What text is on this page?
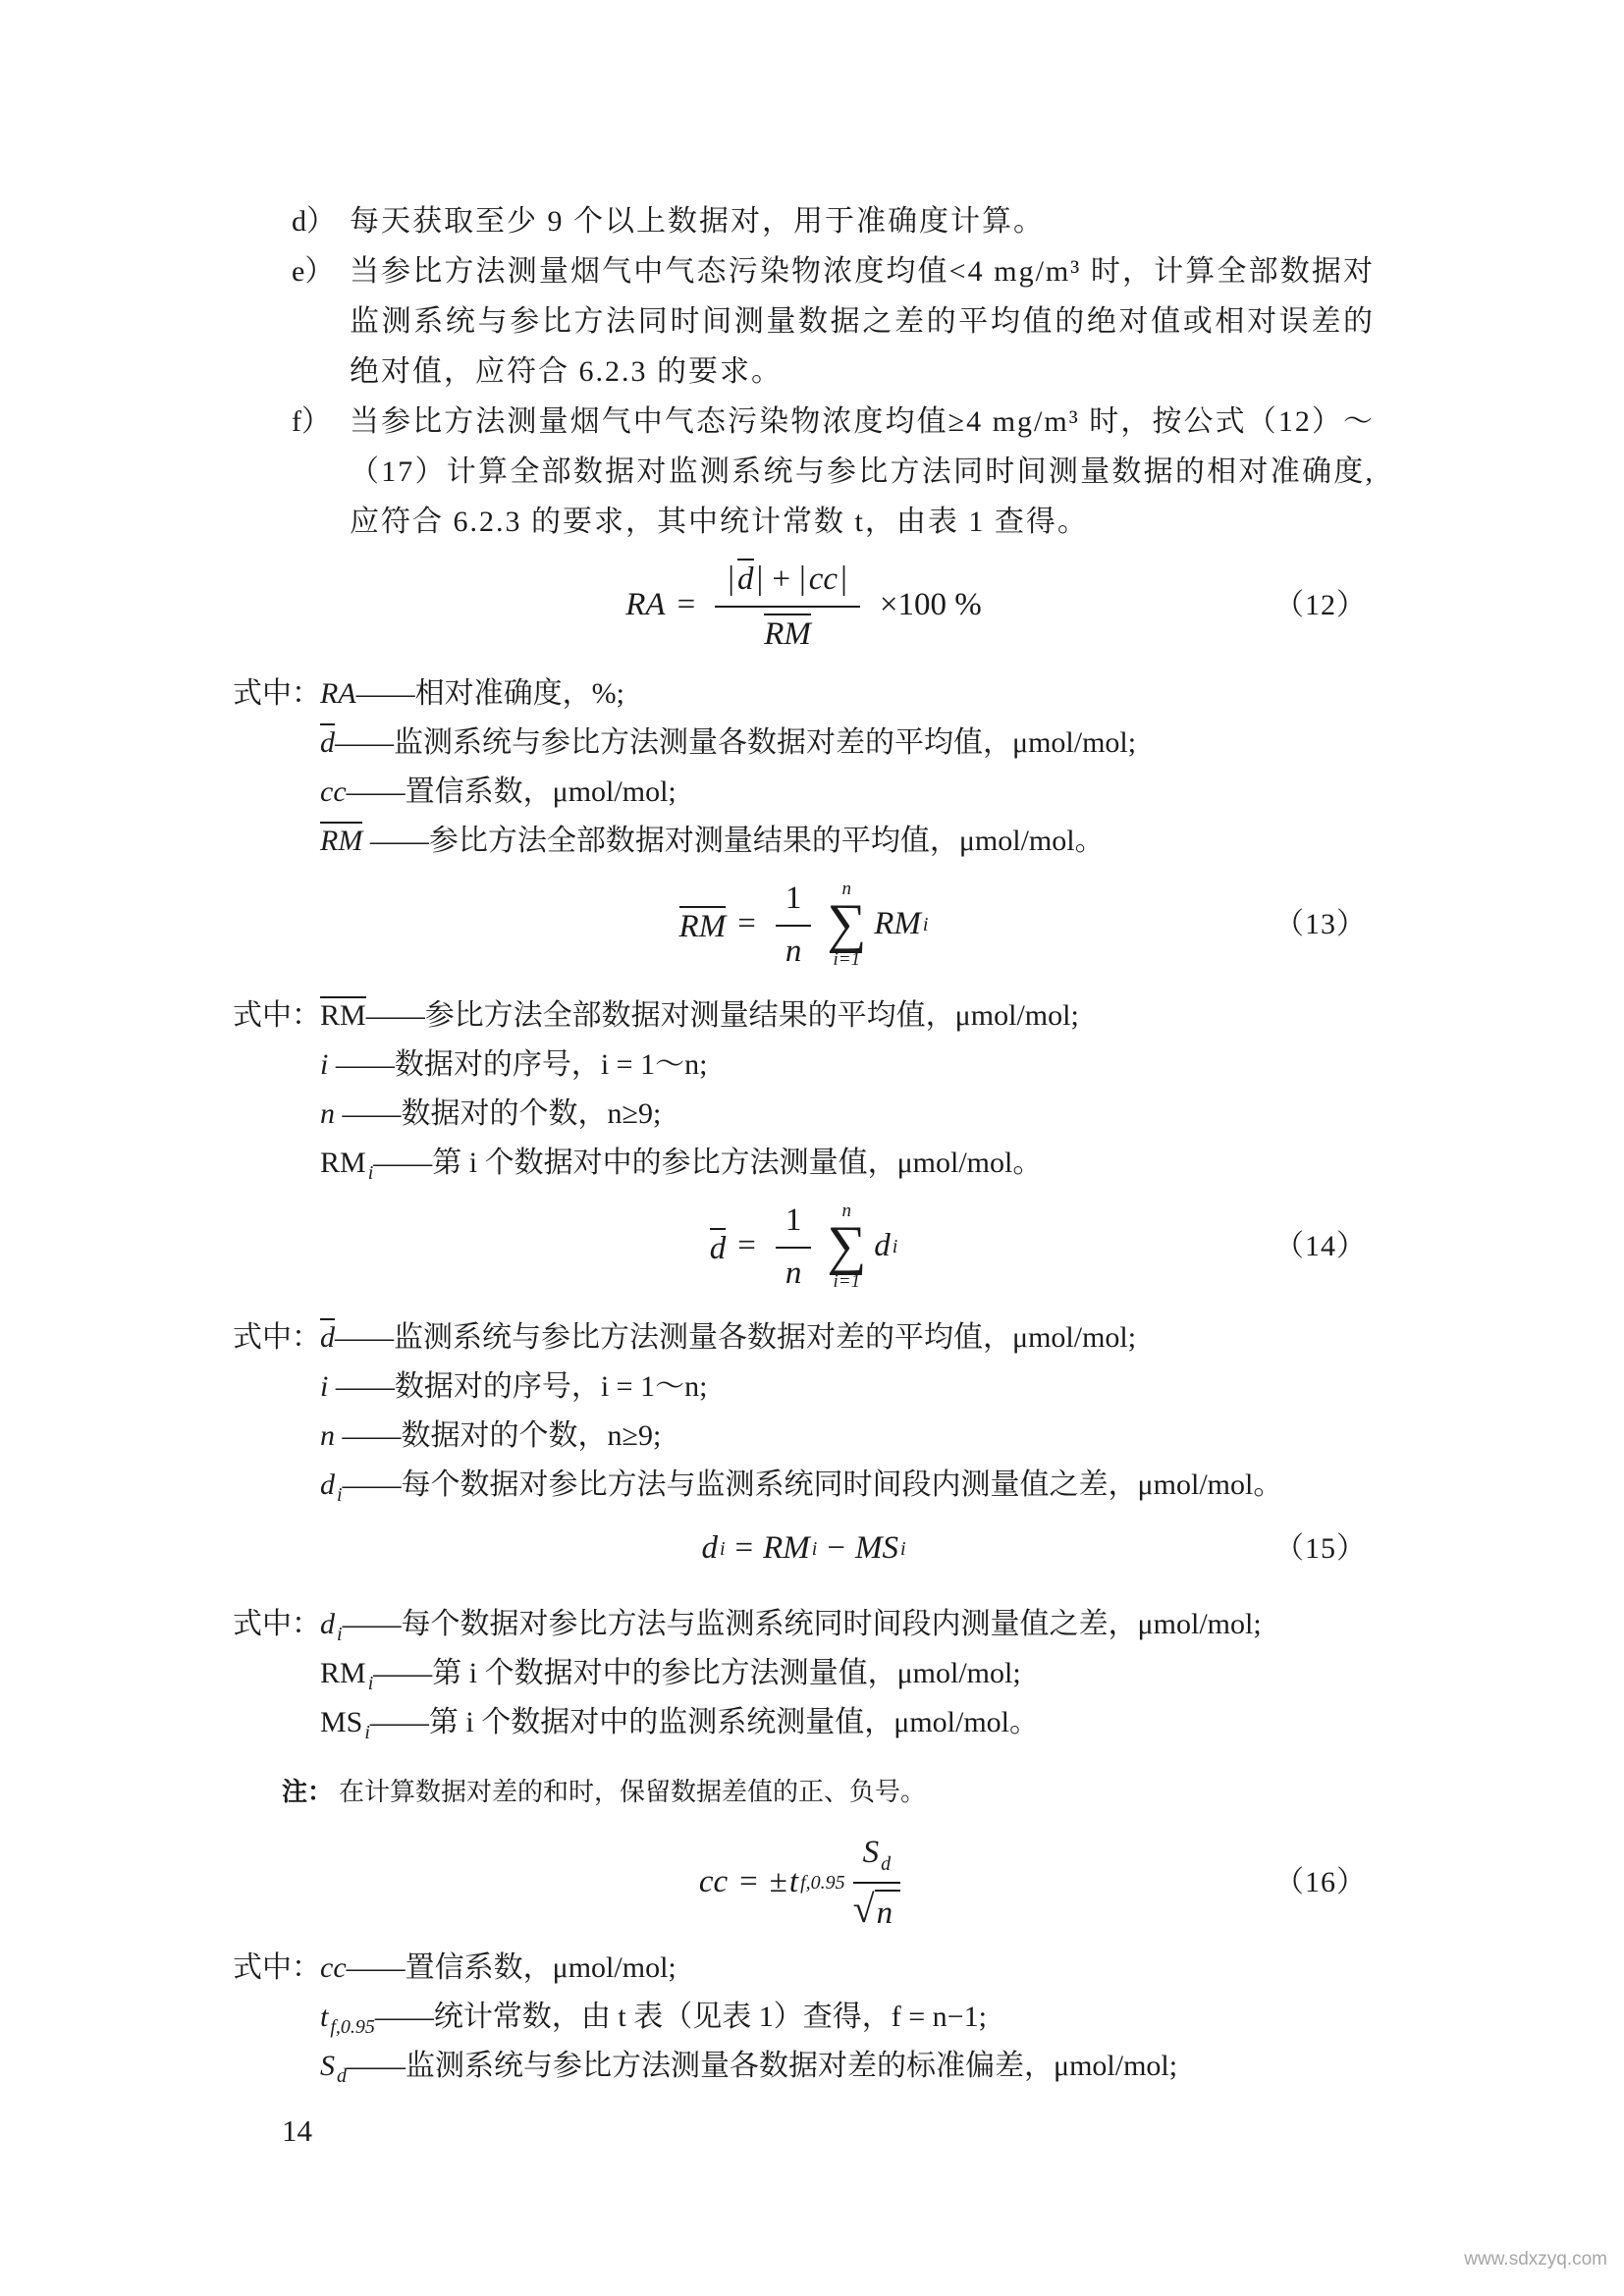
d） 每天获取至少 9 个以上数据对，用于准确度计算。
e） 当参比方法测量烟气中气态污染物浓度均值<4 mg/m³ 时，计算全部数据对监测系统与参比方法同时间测量数据之差的平均值的绝对值或相对误差的绝对值，应符合 6.2.3 的要求。
f） 当参比方法测量烟气中气态污染物浓度均值≥4 mg/m³ 时，按公式（12）～（17）计算全部数据对监测系统与参比方法同时间测量数据的相对准确度,应符合 6.2.3 的要求，其中统计常数 t，由表 1 查得。
RA = $\frac{|d| + |cc|}{RM} \times 100$ %	（12）
式中： RA——相对准确度，%;
d——监测系统与参比方法测量各数据对差的平均值，μmol/mol;
cc——置信系数，μmol/mol;
RM ——参比方法全部数据对测量结果的平均值，μmol/mol。
RM = $\frac{1}{n}$ n
∑
i=1
RM i	（13）
式中： RM——参比方法全部数据对测量结果的平均值，μmol/mol;
i ——数据对的序号，i = 1～n;
n ——数据对的个数，n≥9;
RM $_i$——第 i 个数据对中的参比方法测量值，μmol/mol。
$d = \frac{1}{n}$ n
∑
i=1
d i	（14）
式中： d——监测系统与参比方法测量各数据对差的平均值，μmol/mol;
i ——数据对的序号，i = 1～n;
n ——数据对的个数，n≥9;
d $_i$——每个数据对参比方法与监测系统同时间段内测量值之差，μmol/mol。
d i = RM i − MS i	（15）
式中： d $_i$——每个数据对参比方法与监测系统同时间段内测量值之差，μmol/mol;
RM $_i$——第 i 个数据对中的参比方法测量值，μmol/mol;
MS $_i$——第 i 个数据对中的监测系统测量值，μmol/mol。
注： 在计算数据对差的和时，保留数据差值的正、负号。
cc = ± t $f,0.95 \frac{S _d}{√ n}$	（16）
式中： cc——置信系数，μmol/mol;
t $_{f,0.95}$——统计常数，由 t 表（见表 1）查得，f = n−1;
S $_d$——监测系统与参比方法测量各数据对差的标准偏差，μmol/mol;
14
www.sdxzyq.com
